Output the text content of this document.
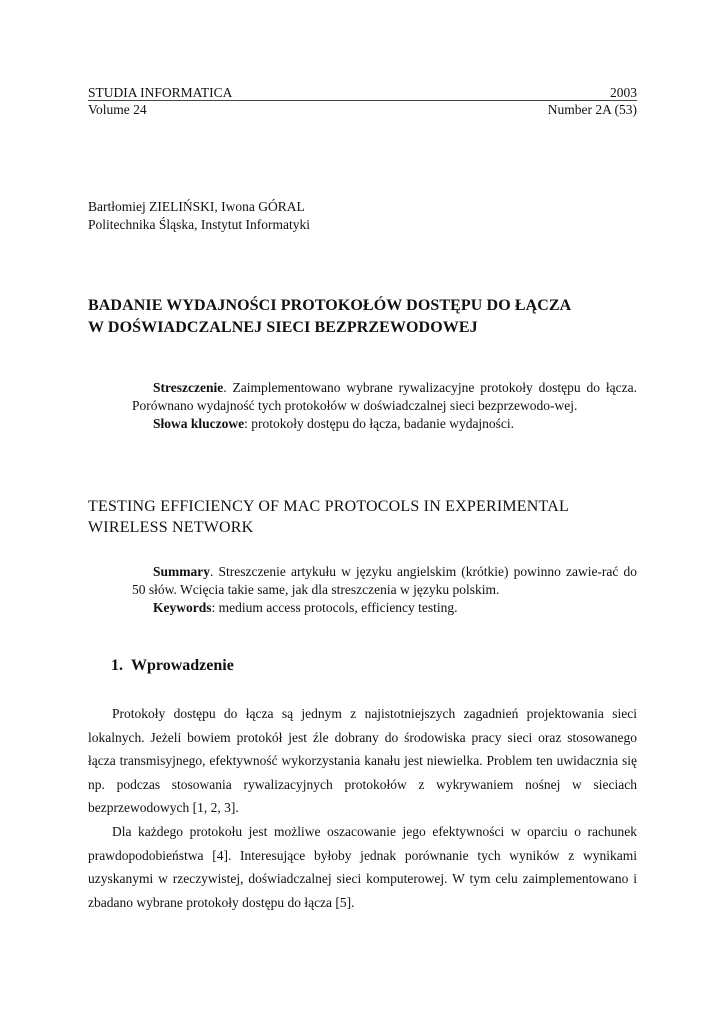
STUDIA INFORMATICA	2003
Volume 24	Number 2A (53)
Bartłomiej ZIELIŃSKI, Iwona GÓRAL
Politechnika Śląska, Instytut Informatyki
BADANIE WYDAJNOŚCI PROTOKOŁÓW DOSTĘPU DO ŁĄCZA
W DOŚWIADCZALNEJ SIECI BEZPRZEWODOWEJ
Streszczenie. Zaimplementowano wybrane rywalizacyjne protokoły dostępu do łącza. Porównano wydajność tych protokołów w doświadczalnej sieci bezprzewodo-wej.
Słowa kluczowe: protokoły dostępu do łącza, badanie wydajności.
TESTING EFFICIENCY OF MAC PROTOCOLS IN EXPERIMENTAL
WIRELESS NETWORK
Summary. Streszczenie artykułu w języku angielskim (krótkie) powinno zawie-rać do 50 słów. Wcięcia takie same, jak dla streszczenia w języku polskim.
Keywords: medium access protocols, efficiency testing.
1. Wprowadzenie

Protokoły dostępu do łącza są jednym z najistotniejszych zagadnień projektowania sieci lokalnych. Jeżeli bowiem protokół jest źle dobrany do środowiska pracy sieci oraz stosowanego łącza transmisyjnego, efektywność wykorzystania kanału jest niewielka. Problem ten uwidacznia się np. podczas stosowania rywalizacyjnych protokołów z wykrywaniem nośnej w sieciach bezprzewodowych [1, 2, 3].

Dla każdego protokołu jest możliwe oszacowanie jego efektywności w oparciu o rachunek prawdopodobieństwa [4]. Interesujące byłoby jednak porównanie tych wyników z wynikami uzyskanymi w rzeczywistej, doświadczalnej sieci komputerowej. W tym celu zaimplementowano i zbadano wybrane protokoły dostępu do łącza [5].
